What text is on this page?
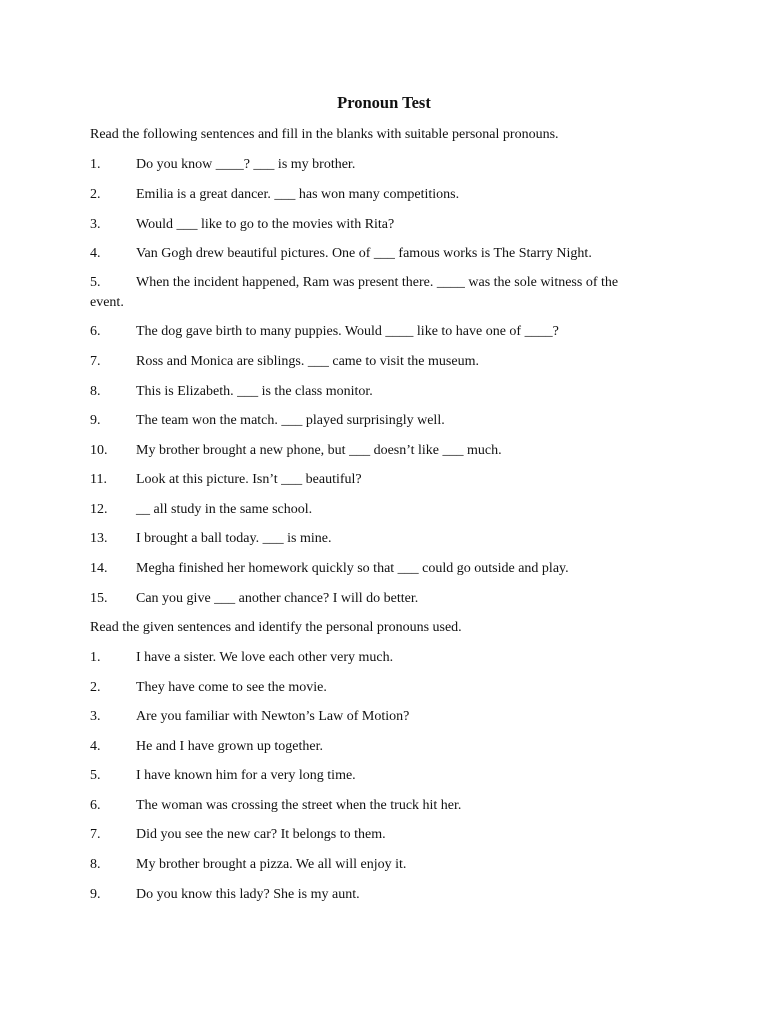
Pronoun Test
Read the following sentences and fill in the blanks with suitable personal pronouns.
1.	Do you know ____? ___ is my brother.
2.	Emilia is a great dancer. ___ has won many competitions.
3.	Would ___ like to go to the movies with Rita?
4.	Van Gogh drew beautiful pictures. One of ___ famous works is The Starry Night.
5.	When the incident happened, Ram was present there. ____ was the sole witness of the
event.
6.	The dog gave birth to many puppies. Would ____ like to have one of ____?
7.	Ross and Monica are siblings. ___ came to visit the museum.
8.	This is Elizabeth. ___ is the class monitor.
9.	The team won the match. ___ played surprisingly well.
10. My brother brought a new phone, but ___ doesn’t like ___ much.
11. Look at this picture. Isn’t ___ beautiful?
12. __ all study in the same school.
13. I brought a ball today. ___ is mine.
14. Megha finished her homework quickly so that ___ could go outside and play.
15. Can you give ___ another chance? I will do better.
Read the given sentences and identify the personal pronouns used.
1.	I have a sister. We love each other very much.
2.	They have come to see the movie.
3.	Are you familiar with Newton’s Law of Motion?
4.	He and I have grown up together.
5.	I have known him for a very long time.
6.	The woman was crossing the street when the truck hit her.
7.	Did you see the new car? It belongs to them.
8.	My brother brought a pizza. We all will enjoy it.
9.	Do you know this lady? She is my aunt.
